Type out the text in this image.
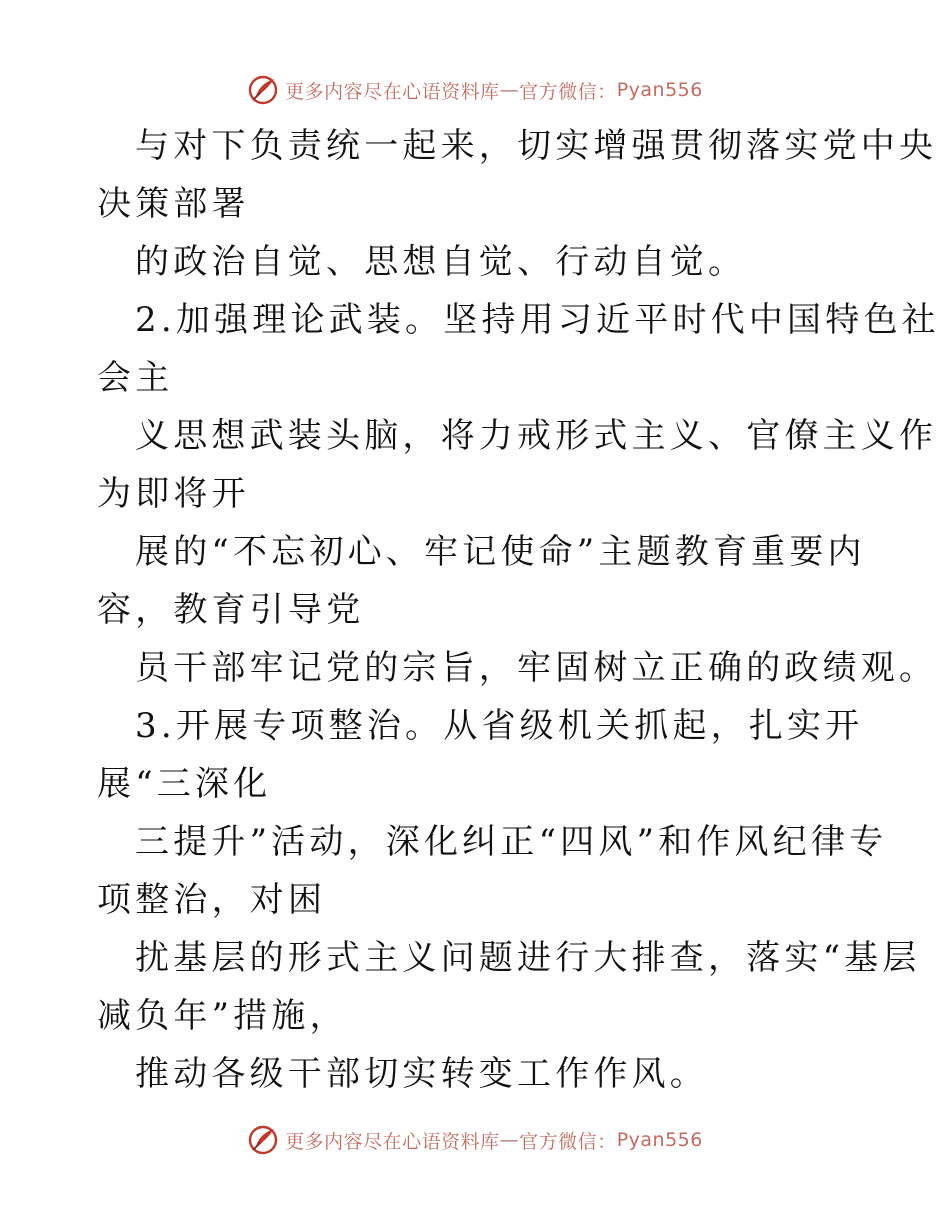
更多内容尽在心语资料库 — 官方微信： Pyan556
与对下负责统一起来，切实增强贯彻落实党中央
决策部署
的政治自觉、思想自觉、行动自觉。
2.加强理论武装。坚持用习近平时代中国特色社
会主
义思想武装头脑，将力戒形式主义、官僚主义作
为即将开
展的“不忘初心、牢记使命”主题教育重要内
容，教育引导党
员干部牢记党的宗旨，牢固树立正确的政绩观。
3.开展专项整治。从省级机关抓起，扎实开
展“三深化
三提升”活动，深化纠正“四风”和作风纪律专
项整治，对困
扰基层的形式主义问题进行大排查，落实“基层
减负年”措施，
推动各级干部切实转变工作作风。
更多内容尽在心语资料库 — 官方微信： Pyan556
